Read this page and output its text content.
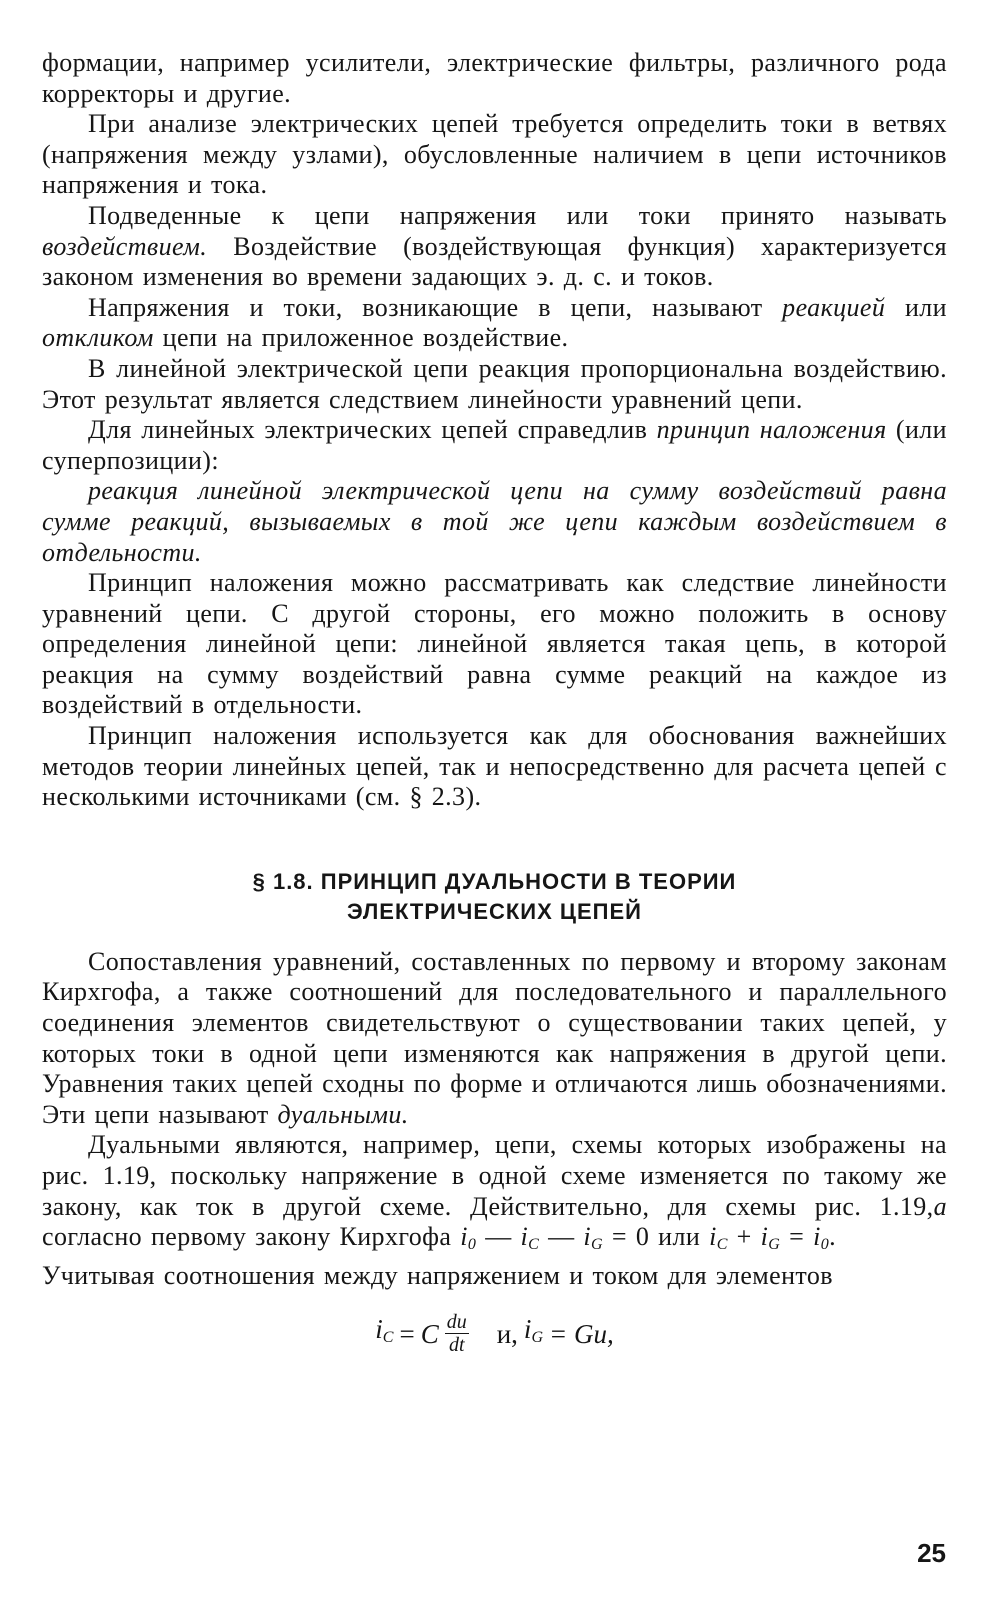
формации, например усилители, электрические фильтры, различного рода корректоры и другие.

При анализе электрических цепей требуется определить токи в ветвях (напряжения между узлами), обусловленные наличием в цепи источников напряжения и тока.

Подведенные к цепи напряжения или токи принято называть воздействием. Воздействие (воздействующая функция) характеризуется законом изменения во времени задающих э. д. с. и токов.

Напряжения и токи, возникающие в цепи, называют реакцией или откликом цепи на приложенное воздействие.

В линейной электрической цепи реакция пропорциональна воздействию. Этот результат является следствием линейности уравнений цепи.

Для линейных электрических цепей справедлив принцип наложения (или суперпозиции):

реакция линейной электрической цепи на сумму воздействий равна сумме реакций, вызываемых в той же цепи каждым воздействием в отдельности.

Принцип наложения можно рассматривать как следствие линейности уравнений цепи. С другой стороны, его можно положить в основу определения линейной цепи: линейной является такая цепь, в которой реакция на сумму воздействий равна сумме реакций на каждое из воздействий в отдельности.

Принцип наложения используется как для обоснования важнейших методов теории линейных цепей, так и непосредственно для расчета цепей с несколькими источниками (см. § 2.3).

§ 1.8. ПРИНЦИП ДУАЛЬНОСТИ В ТЕОРИИ
ЭЛЕКТРИЧЕСКИХ ЦЕПЕЙ

Сопоставления уравнений, составленных по первому и второму законам Кирхгофа, а также соотношений для последовательного и параллельного соединения элементов свидетельствуют о существовании таких цепей, у которых токи в одной цепи изменяются как напряжения в другой цепи. Уравнения таких цепей сходны по форме и отличаются лишь обозначениями. Эти цепи называют дуальными.

Дуальными являются, например, цепи, схемы которых изображены на рис. 1.19, поскольку напряжение в одной схеме изменяется по такому же закону, как ток в другой схеме. Действительно, для схемы рис. 1.19,a согласно первому закону Кирхгофа $i_0$ — $i_C$ — $i_G = 0$ или $i_C + i_G = i_0$.

Учитывая соотношения между напряжением и током для элементов

$i_C = C \frac{du}{dt} и$, $i_G = Gu$,
25
